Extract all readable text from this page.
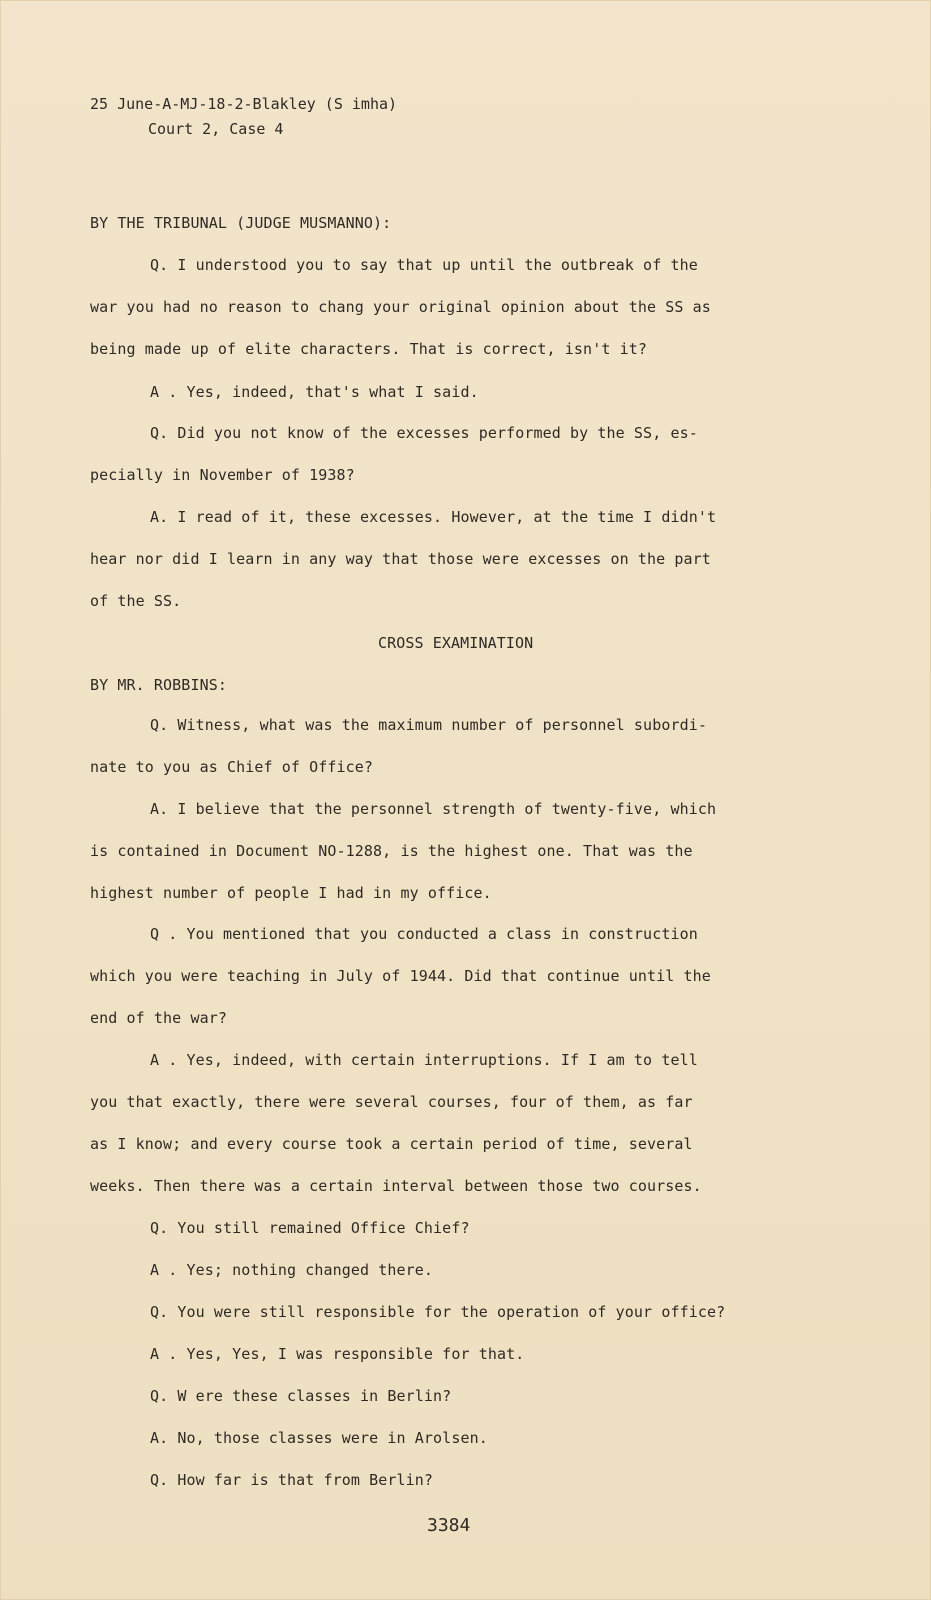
25 June-A-MJ-18-2-Blakley (S imha)
Court 2, Case 4
BY THE TRIBUNAL (JUDGE MUSMANNO):
Q. I understood you to say that up until the outbreak of the
war you had no reason to chang your original opinion about the SS as
being made up of elite characters. That is correct, isn't it?
A . Yes, indeed, that's what I said.
Q. Did you not know of the excesses performed by the SS, es-
pecially in November of 1938?
A. I read of it, these excesses. However, at the time I didn't
hear nor did I learn in any way that those were excesses on the part
of the SS.
CROSS EXAMINATION
BY MR. ROBBINS:
Q. Witness, what was the maximum number of personnel subordi-
nate to you as Chief of Office?
A. I believe that the personnel strength of twenty-five, which
is contained in Document NO-1288, is the highest one. That was the
highest number of people I had in my office.
Q . You mentioned that you conducted a class in construction
which you were teaching in July of 1944. Did that continue until the
end of the war?
A . Yes, indeed, with certain interruptions. If I am to tell
you that exactly, there were several courses, four of them, as far
as I know; and every course took a certain period of time, several
weeks. Then there was a certain interval between those two courses.
Q. You still remained Office Chief?
A . Yes; nothing changed there.
Q. You were still responsible for the operation of your office?
A . Yes, Yes, I was responsible for that.
Q. W ere these classes in Berlin?
A. No, those classes were in Arolsen.
Q. How far is that from Berlin?
3384
